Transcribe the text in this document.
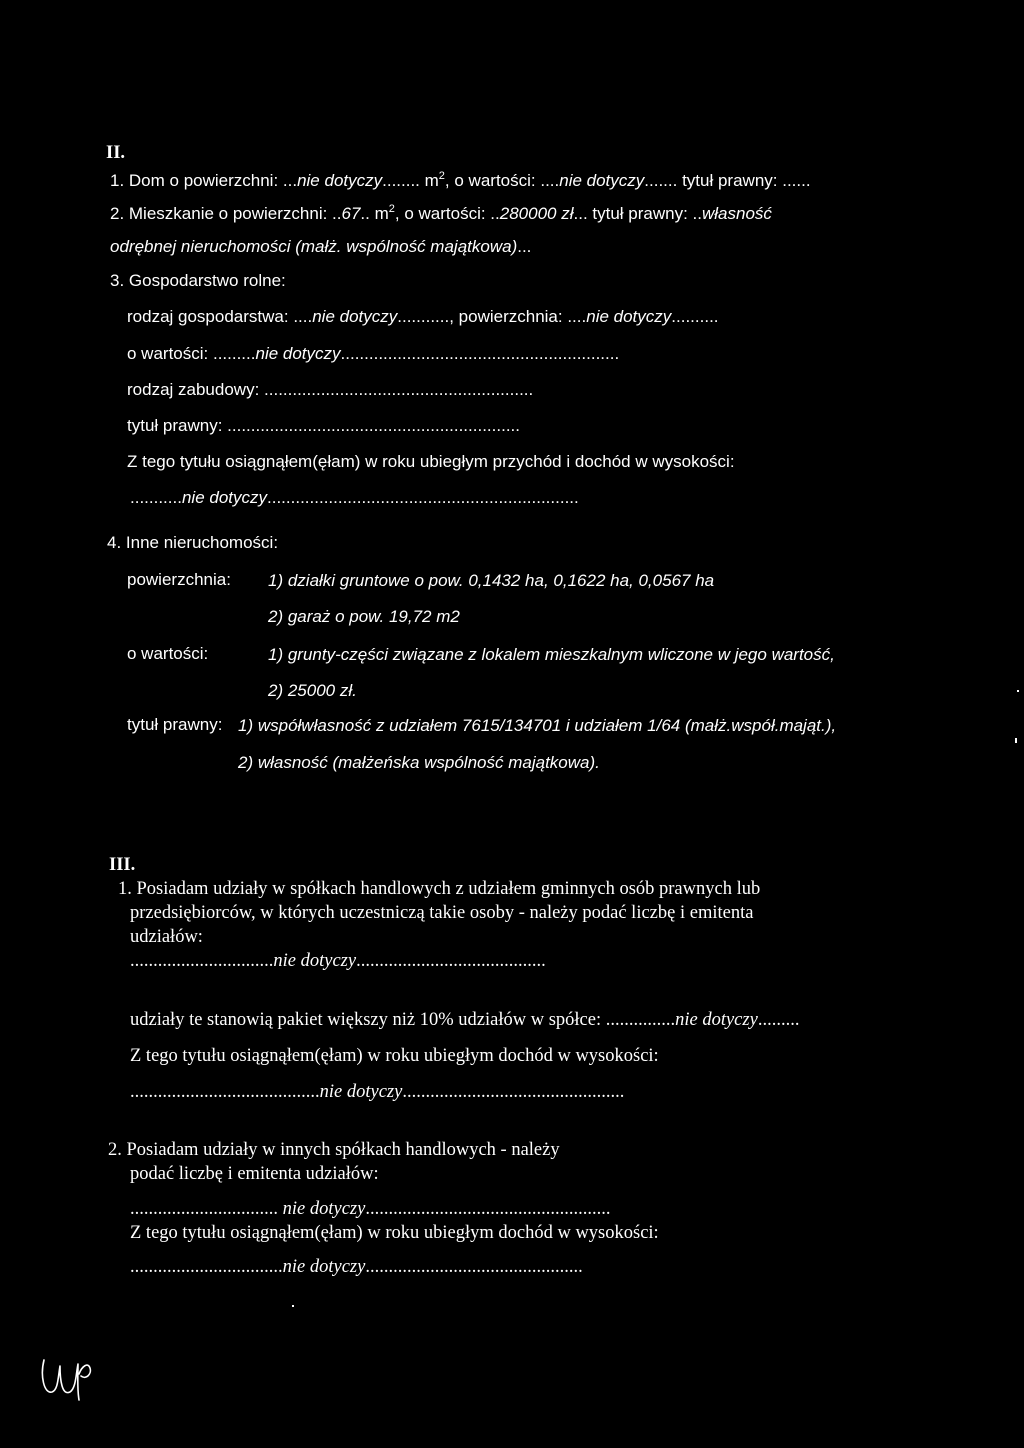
II.
1. Dom o powierzchni: ...nie dotyczy........ $m^2$, o wartości: ....nie dotyczy....... tytuł prawny: ......
2. Mieszkanie o powierzchni: ..67.. $m^2$, o wartości: ..280000 zł... tytuł prawny: ..własność
odrębnej nieruchomości (małż. wspólność majątkowa)...
3. Gospodarstwo rolne:
rodzaj gospodarstwa: ....nie dotyczy..........., powierzchnia: ....nie dotyczy..........
o wartości: .........nie dotyczy...........................................................
rodzaj zabudowy: .........................................................
tytuł prawny: ..............................................................
Z tego tytułu osiągnąłem(ęłam) w roku ubiegłym przychód i dochód w wysokości:
...........nie dotyczy..................................................................
4. Inne nieruchomości:
powierzchnia: 1) działki gruntowe o pow. 0,1432 ha, 0,1622 ha, 0,0567 ha
2) garaż o pow. 19,72 m2
o wartości:	1) grunty-części związane z lokalem mieszkalnym wliczone w jego wartość,
2) 25000 zł.
tytuł prawny: 1) współwłasność z udziałem 7615/134701 i udziałem 1/64 (małż.współ.mająt.),
2) własność (małżeńska wspólność majątkowa).
III.
1. Posiadam udziały w spółkach handlowych z udziałem gminnych osób prawnych lub
przedsiębiorców, w których uczestniczą takie osoby - należy podać liczbę i emitenta
udziałów:
...............................nie dotyczy.........................................
udziały te stanowią pakiet większy niż 10% udziałów w spółce: ...............nie dotyczy.........
Z tego tytułu osiągnąłem(ęłam) w roku ubiegłym dochód w wysokości:
.........................................nie dotyczy................................................
2. Posiadam udziały w innych spółkach handlowych - należy
podać liczbę i emitenta udziałów:
................................ nie dotyczy.....................................................
Z tego tytułu osiągnąłem(ęłam) w roku ubiegłym dochód w wysokości:
.................................nie dotyczy...............................................
